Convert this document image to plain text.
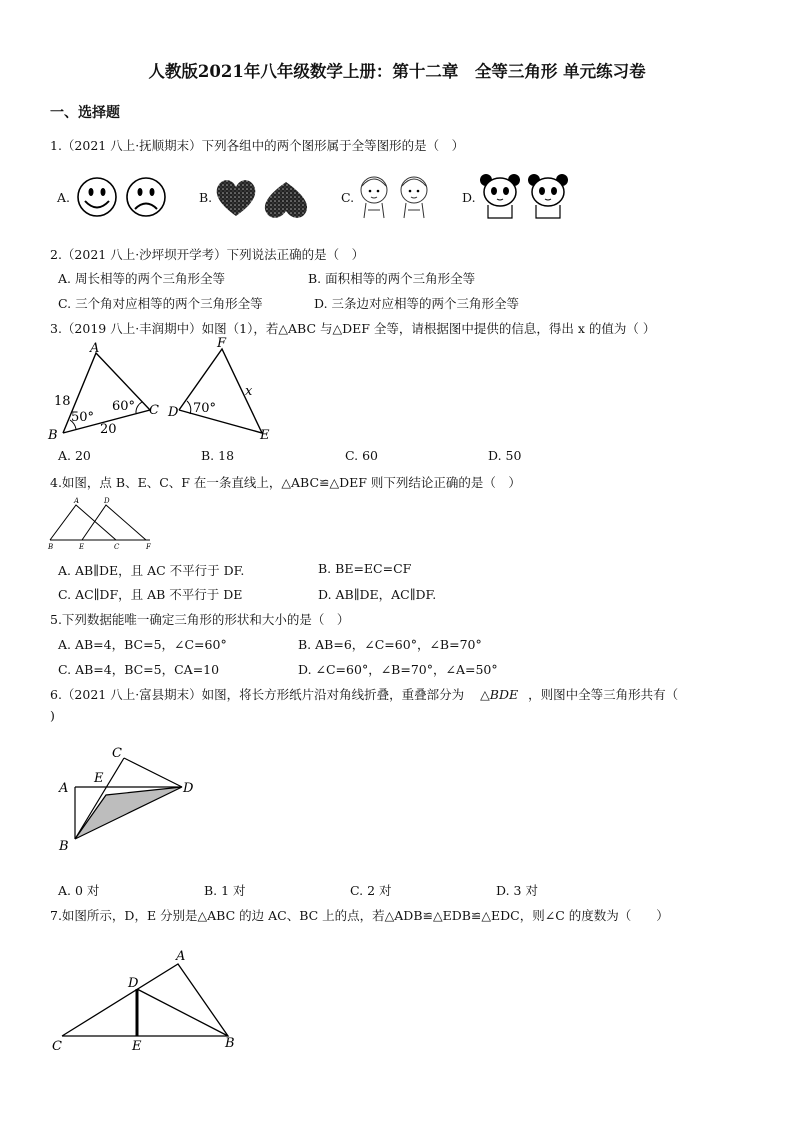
人教版2021年八年级数学上册：第十二章　全等三角形 单元练习卷
一、选择题
1.（2021 八上·抚顺期末）下列各组中的两个图形属于全等图形的是（　）
A.	B.	C.	D.
2.（2021 八上·沙坪坝开学考）下列说法正确的是（　）
A. 周长相等的两个三角形全等	B. 面积相等的两个三角形全等
C. 三个角对应相等的两个三角形全等	D. 三条边对应相等的两个三角形全等
3.（2019 八上·丰润期中）如图（1），若△ABC 与△DEF 全等，请根据图中提供的信息，得出 x 的值为（ ）
A
B
C D
E
F
18
20
50°
60°	70°
x
A. 20	B. 18	C. 60	D. 50
4.如图，点 B、E、C、F 在一条直线上，△ABC≌△DEF 则下列结论正确的是（　）
A	D
B	E	C	F
A. AB∥DE，且 AC 不平行于 DF.	B. BE=EC=CF
C. AC∥DF，且 AB 不平行于 DE	D. AB∥DE，AC∥DF.
5.下列数据能唯一确定三角形的形状和大小的是（　）
A. AB=4，BC=5，∠C=60°	B. AB=6，∠C=60°，∠B=70°
C. AB=4，BC=5，CA=10	D. ∠C=60°，∠B=70°，∠A=50°
6.（2021 八上·富县期末）如图，将长方形纸片沿对角线折叠，重叠部分为 △BDE ，则图中全等三角形共有（
)
A
B
C
D
E
A. 0 对	B. 1 对	C. 2 对	D. 3 对
7.如图所示，D，E 分别是△ABC 的边 AC、BC 上的点，若△ADB≌△EDB≌△EDC，则∠C 的度数为（　　）
A
B
C
D
E
